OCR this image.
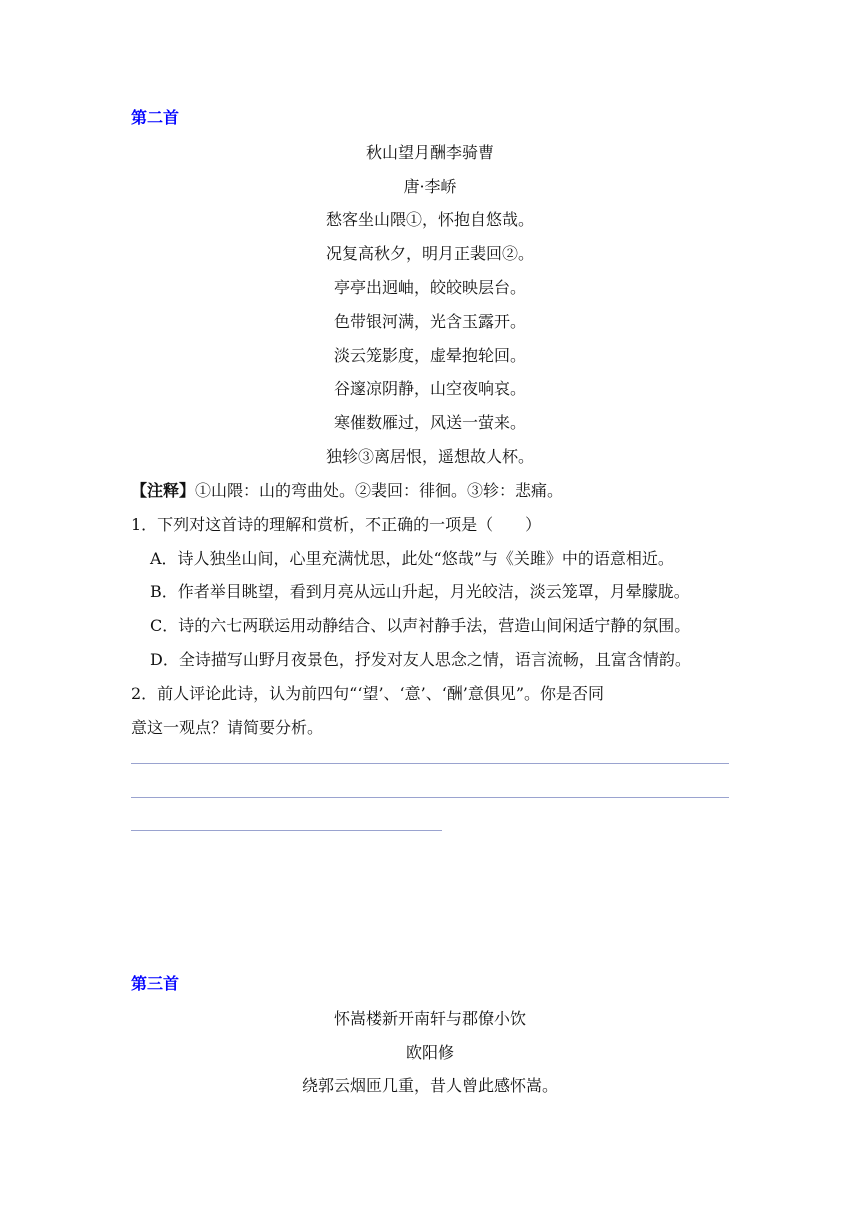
第二首
秋山望月酬李骑曹
唐·李峤
愁客坐山隈①，怀抱自悠哉。
况复高秋夕，明月正裴回②。
亭亭出迥岫，皎皎映层台。
色带银河满，光含玉露开。
淡云笼影度，虚晕抱轮回。
谷邃凉阴静，山空夜响哀。
寒催数雁过，风送一萤来。
独轸③离居恨，遥想故人杯。
【注释】①山隈：山的弯曲处。②裴回：徘徊。③轸：悲痛。
1．下列对这首诗的理解和赏析，不正确的一项是（　　）
A．诗人独坐山间，心里充满忧思，此处“悠哉”与《关雎》中的语意相近。
B．作者举目眺望，看到月亮从远山升起，月光皎洁，淡云笼罩，月晕朦胧。
C．诗的六七两联运用动静结合、以声衬静手法，营造山间闲适宁静的氛围。
D．全诗描写山野月夜景色，抒发对友人思念之情，语言流畅，且富含情韵。
2．前人评论此诗，认为前四句“‘望’、‘意’、‘酬’意俱见”。你是否同
意这一观点？请简要分析。
第三首
怀嵩楼新开南轩与郡僚小饮
欧阳修
绕郭云烟匝几重，昔人曾此感怀嵩。
